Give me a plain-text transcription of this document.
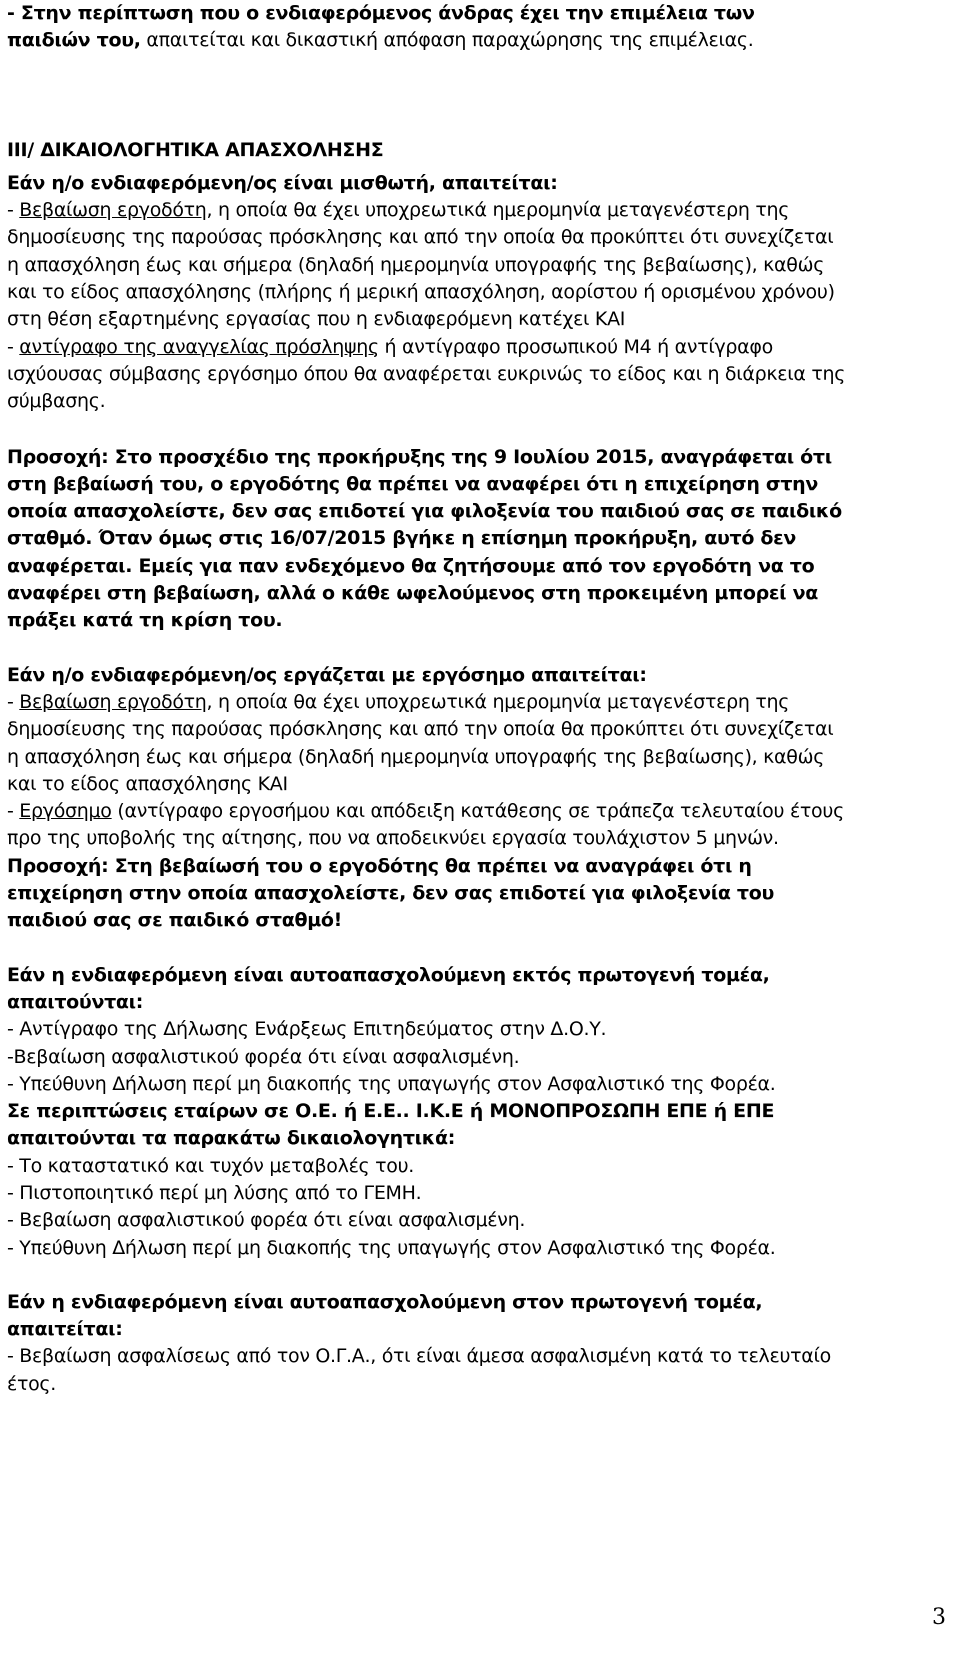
- Στην περίπτωση που ο ενδιαφερόμενος άνδρας έχει την επιμέλεια των
παιδιών του, απαιτείται και δικαστική απόφαση παραχώρησης της επιμέλειας.
ΙΙΙ/ ΔΙΚΑΙΟΛΟΓΗΤΙΚΑ ΑΠΑΣΧΟΛΗΣΗΣ
Εάν η/ο ενδιαφερόμενη/ος είναι μισθωτή, απαιτείται:
- Βεβαίωση εργοδότη, η οποία θα έχει υποχρεωτικά ημερομηνία μεταγενέστερη της
δημοσίευσης της παρούσας πρόσκλησης και από την οποία θα προκύπτει ότι συνεχίζεται
η απασχόληση έως και σήμερα (δηλαδή ημερομηνία υπογραφής της βεβαίωσης), καθώς
και το είδος απασχόλησης (πλήρης ή μερική απασχόληση, αορίστου ή ορισμένου χρόνου)
στη θέση εξαρτημένης εργασίας που η ενδιαφερόμενη κατέχει ΚΑΙ
- αντίγραφο της αναγγελίας πρόσληψης ή αντίγραφο προσωπικού Μ4 ή αντίγραφο
ισχύουσας σύμβασης εργόσημο όπου θα αναφέρεται ευκρινώς το είδος και η διάρκεια της
σύμβασης.
Προσοχή: Στο προσχέδιο της προκήρυξης της 9 Ιουλίου 2015, αναγράφεται ότι
στη βεβαίωσή του, ο εργοδότης θα πρέπει να αναφέρει ότι η επιχείρηση στην
οποία απασχολείστε, δεν σας επιδοτεί για φιλοξενία του παιδιού σας σε παιδικό
σταθμό. Όταν όμως στις 16/07/2015 βγήκε η επίσημη προκήρυξη, αυτό δεν
αναφέρεται. Εμείς για παν ενδεχόμενο θα ζητήσουμε από τον εργοδότη να το
αναφέρει στη βεβαίωση, αλλά ο κάθε ωφελούμενος στη προκειμένη μπορεί να
πράξει κατά τη κρίση του.
Εάν η/ο ενδιαφερόμενη/ος εργάζεται με εργόσημο απαιτείται:
- Βεβαίωση εργοδότη, η οποία θα έχει υποχρεωτικά ημερομηνία μεταγενέστερη της
δημοσίευσης της παρούσας πρόσκλησης και από την οποία θα προκύπτει ότι συνεχίζεται
η απασχόληση έως και σήμερα (δηλαδή ημερομηνία υπογραφής της βεβαίωσης), καθώς
και το είδος απασχόλησης ΚΑΙ
- Εργόσημο (αντίγραφο εργοσήμου και απόδειξη κατάθεσης σε τράπεζα τελευταίου έτους
προ της υποβολής της αίτησης, που να αποδεικνύει εργασία τουλάχιστον 5 μηνών.
Προσοχή: Στη βεβαίωσή του ο εργοδότης θα πρέπει να αναγράφει ότι η
επιχείρηση στην οποία απασχολείστε, δεν σας επιδοτεί για φιλοξενία του
παιδιού σας σε παιδικό σταθμό!
Εάν η ενδιαφερόμενη είναι αυτοαπασχολούμενη εκτός πρωτογενή τομέα,
απαιτούνται:
- Αντίγραφο της Δήλωσης Ενάρξεως Επιτηδεύματος στην Δ.Ο.Υ.
-Βεβαίωση ασφαλιστικού φορέα ότι είναι ασφαλισμένη.
- Υπεύθυνη Δήλωση περί μη διακοπής της υπαγωγής στον Ασφαλιστικό της Φορέα.
Σε περιπτώσεις εταίρων σε Ο.Ε. ή Ε.Ε.. Ι.Κ.Ε ή ΜΟΝΟΠΡΟΣΩΠΗ ΕΠΕ ή ΕΠΕ
απαιτούνται τα παρακάτω δικαιολογητικά:
- Το καταστατικό και τυχόν μεταβολές του.
- Πιστοποιητικό περί μη λύσης από το ΓΕΜΗ.
- Βεβαίωση ασφαλιστικού φορέα ότι είναι ασφαλισμένη.
- Υπεύθυνη Δήλωση περί μη διακοπής της υπαγωγής στον Ασφαλιστικό της Φορέα.
Εάν η ενδιαφερόμενη είναι αυτοαπασχολούμενη στον πρωτογενή τομέα,
απαιτείται:
- Βεβαίωση ασφαλίσεως από τον Ο.Γ.Α., ότι είναι άμεσα ασφαλισμένη κατά το τελευταίο
έτος.
3
